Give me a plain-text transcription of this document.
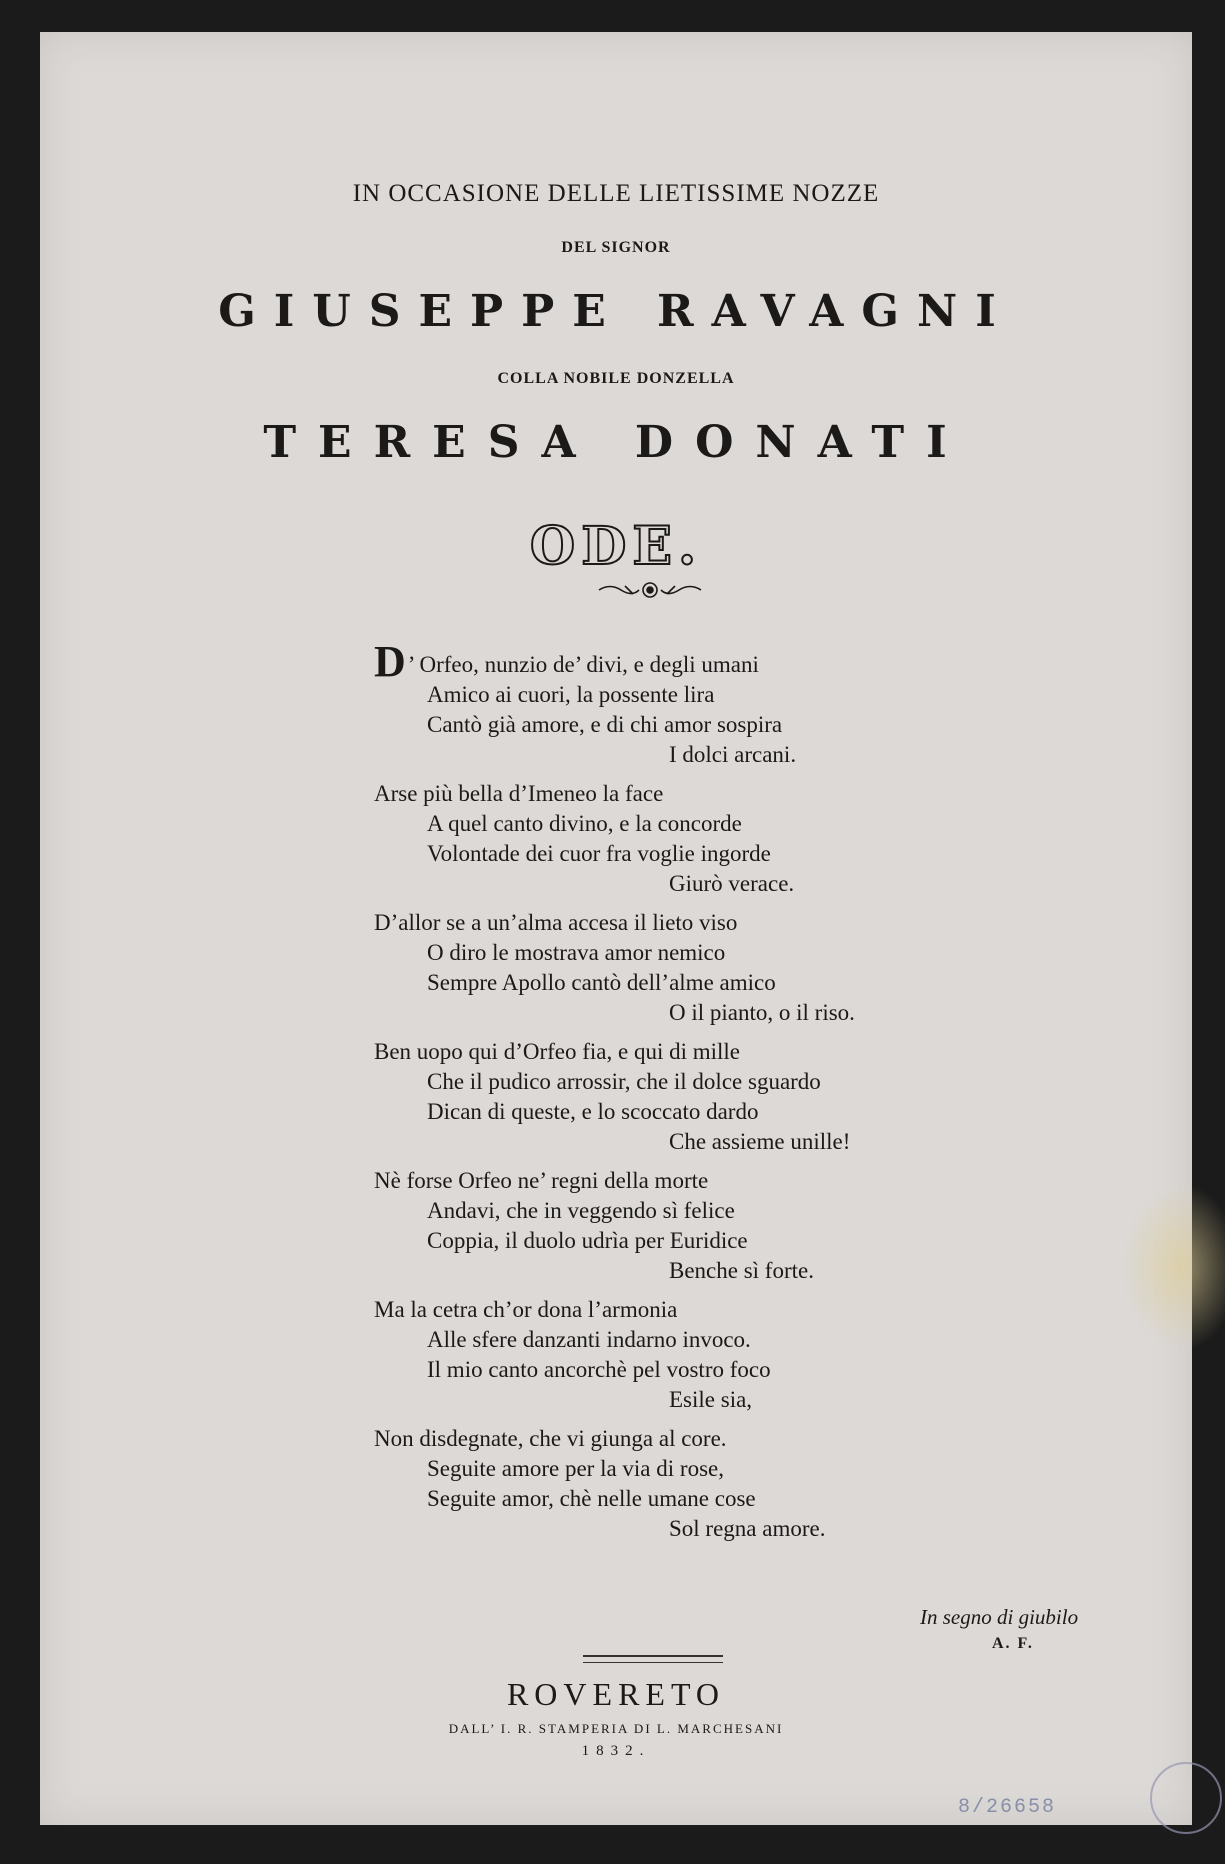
IN OCCASIONE DELLE LIETISSIME NOZZE
DEL SIGNOR
GIUSEPPE RAVAGNI
COLLA NOBILE DONZELLA
TERESA DONATI
ODE.
D’ Orfeo, nunzio de’ divi, e degli umani
Amico ai cuori, la possente lira
Cantò già amore, e di chi amor sospira
I dolci arcani.
Arse più bella d’Imeneo la face
A quel canto divino, e la concorde
Volontade dei cuor fra voglie ingorde
Giurò verace.
D’allor se a un’alma accesa il lieto viso
O diro le mostrava amor nemico
Sempre Apollo cantò dell’alme amico
O il pianto, o il riso.
Ben uopo qui d’Orfeo fia, e qui di mille
Che il pudico arrossir, che il dolce sguardo
Dican di queste, e lo scoccato dardo
Che assieme unille!
Nè forse Orfeo ne’ regni della morte
Andavi, che in veggendo sì felice
Coppia, il duolo udrìa per Euridice
Benche sì forte.
Ma la cetra ch’or dona l’armonia
Alle sfere danzanti indarno invoco.
Il mio canto ancorchè pel vostro foco
Esile sia,
Non disdegnate, che vi giunga al core.
Seguite amore per la via di rose,
Seguite amor, chè nelle umane cose
Sol regna amore.
In segno di giubilo
A. F.
ROVERETO
DALL’ I. R. STAMPERIA DI L. MARCHESANI
1832.
8/26658
